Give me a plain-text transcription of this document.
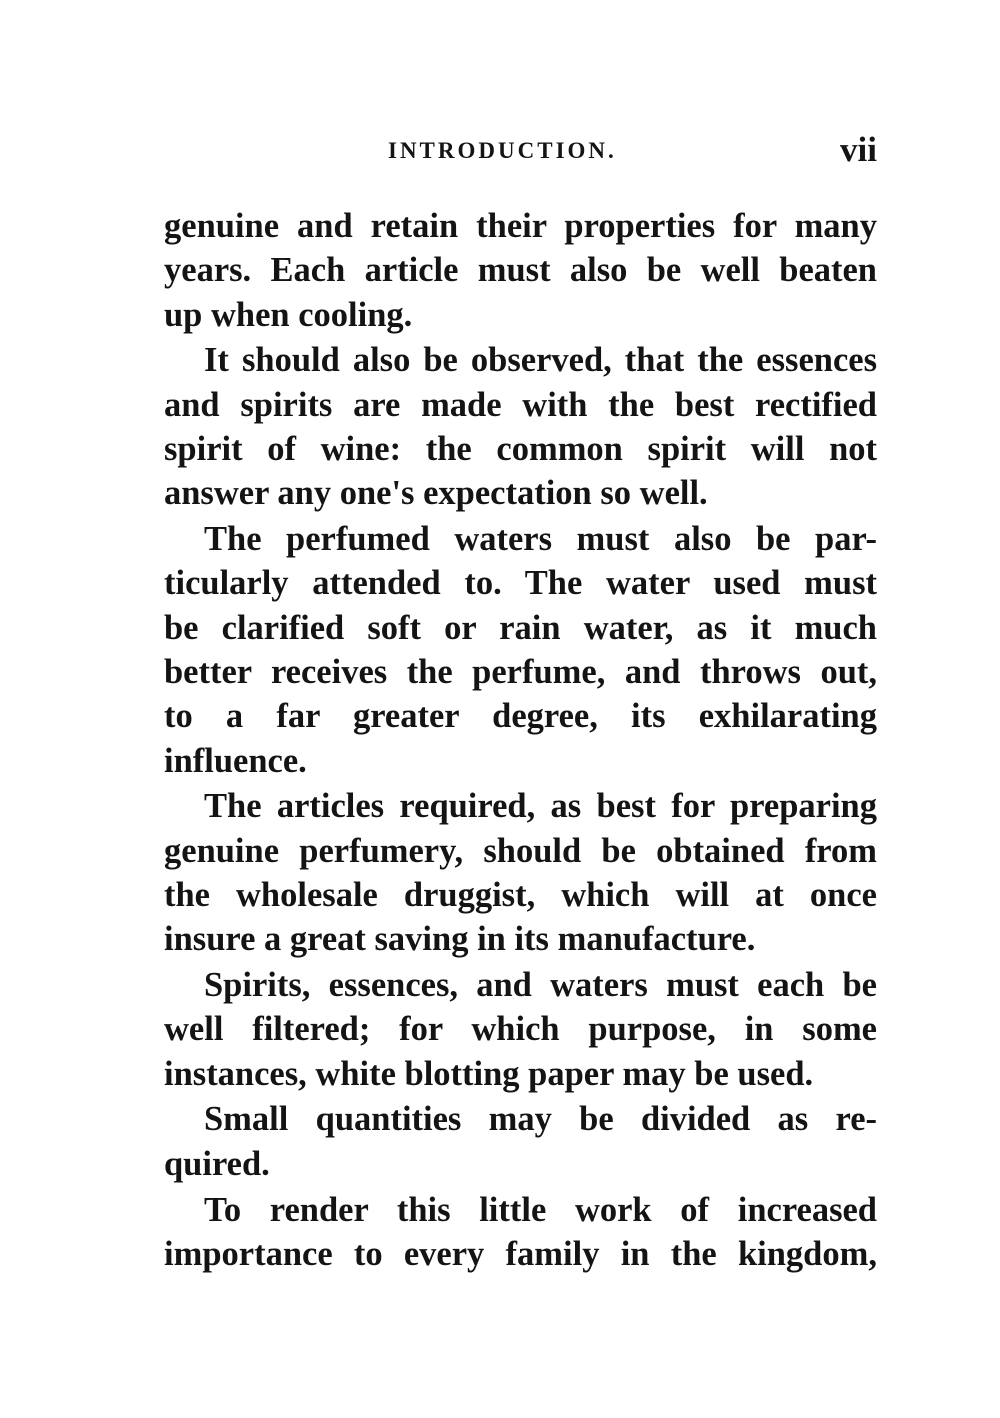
INTRODUCTION.	vii

genuine and retain their properties for many
years. Each article must also be well beaten
up when cooling.

It should also be observed, that the essences
and spirits are made with the best rectified
spirit of wine: the common spirit will not
answer any one's expectation so well.

The perfumed waters must also be par-
ticularly attended to. The water used must
be clarified soft or rain water, as it much
better receives the perfume, and throws out,
to a far greater degree, its exhilarating
influence.

The articles required, as best for preparing
genuine perfumery, should be obtained from
the wholesale druggist, which will at once
insure a great saving in its manufacture.

Spirits, essences, and waters must each be
well filtered; for which purpose, in some
instances, white blotting paper may be used.

Small quantities may be divided as re-
quired.

To render this little work of increased
importance to every family in the kingdom,
